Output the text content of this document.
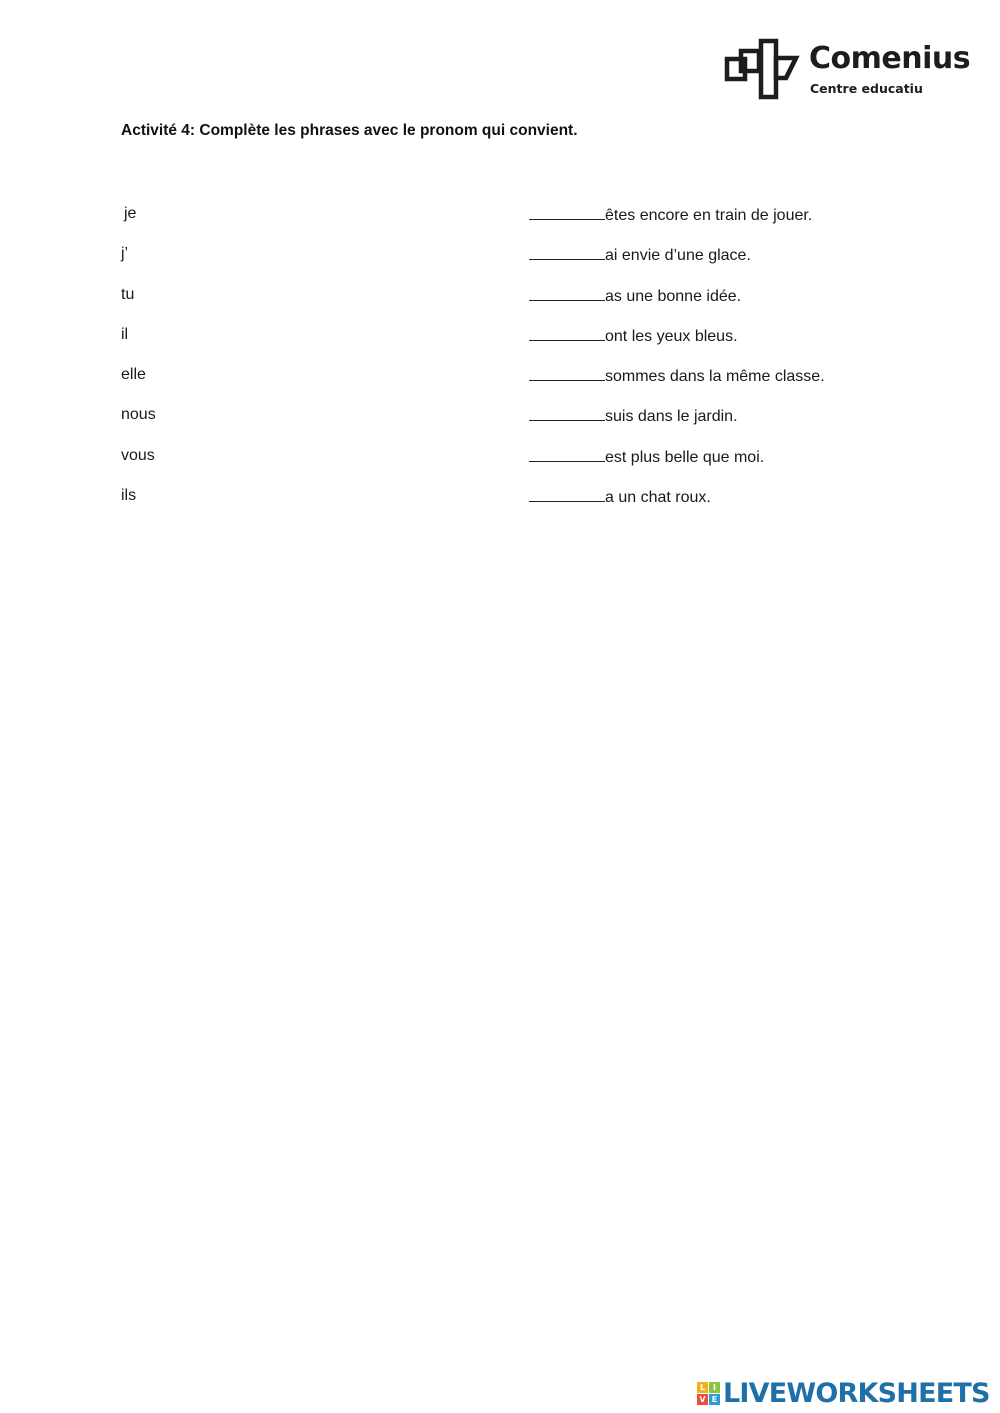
Comenius
Centre educatiu
Activité 4: Complète les phrases avec le pronom qui convient.
je
j’
tu
il
elle
nous
vous
ils
êtes encore en train de jouer.
ai envie d’une glace.
as une bonne idée.
ont les yeux bleus.
sommes dans la même classe.
suis dans le jardin.
est plus belle que moi.
a un chat roux.
L I
V E LIVEWORKSHEETS
